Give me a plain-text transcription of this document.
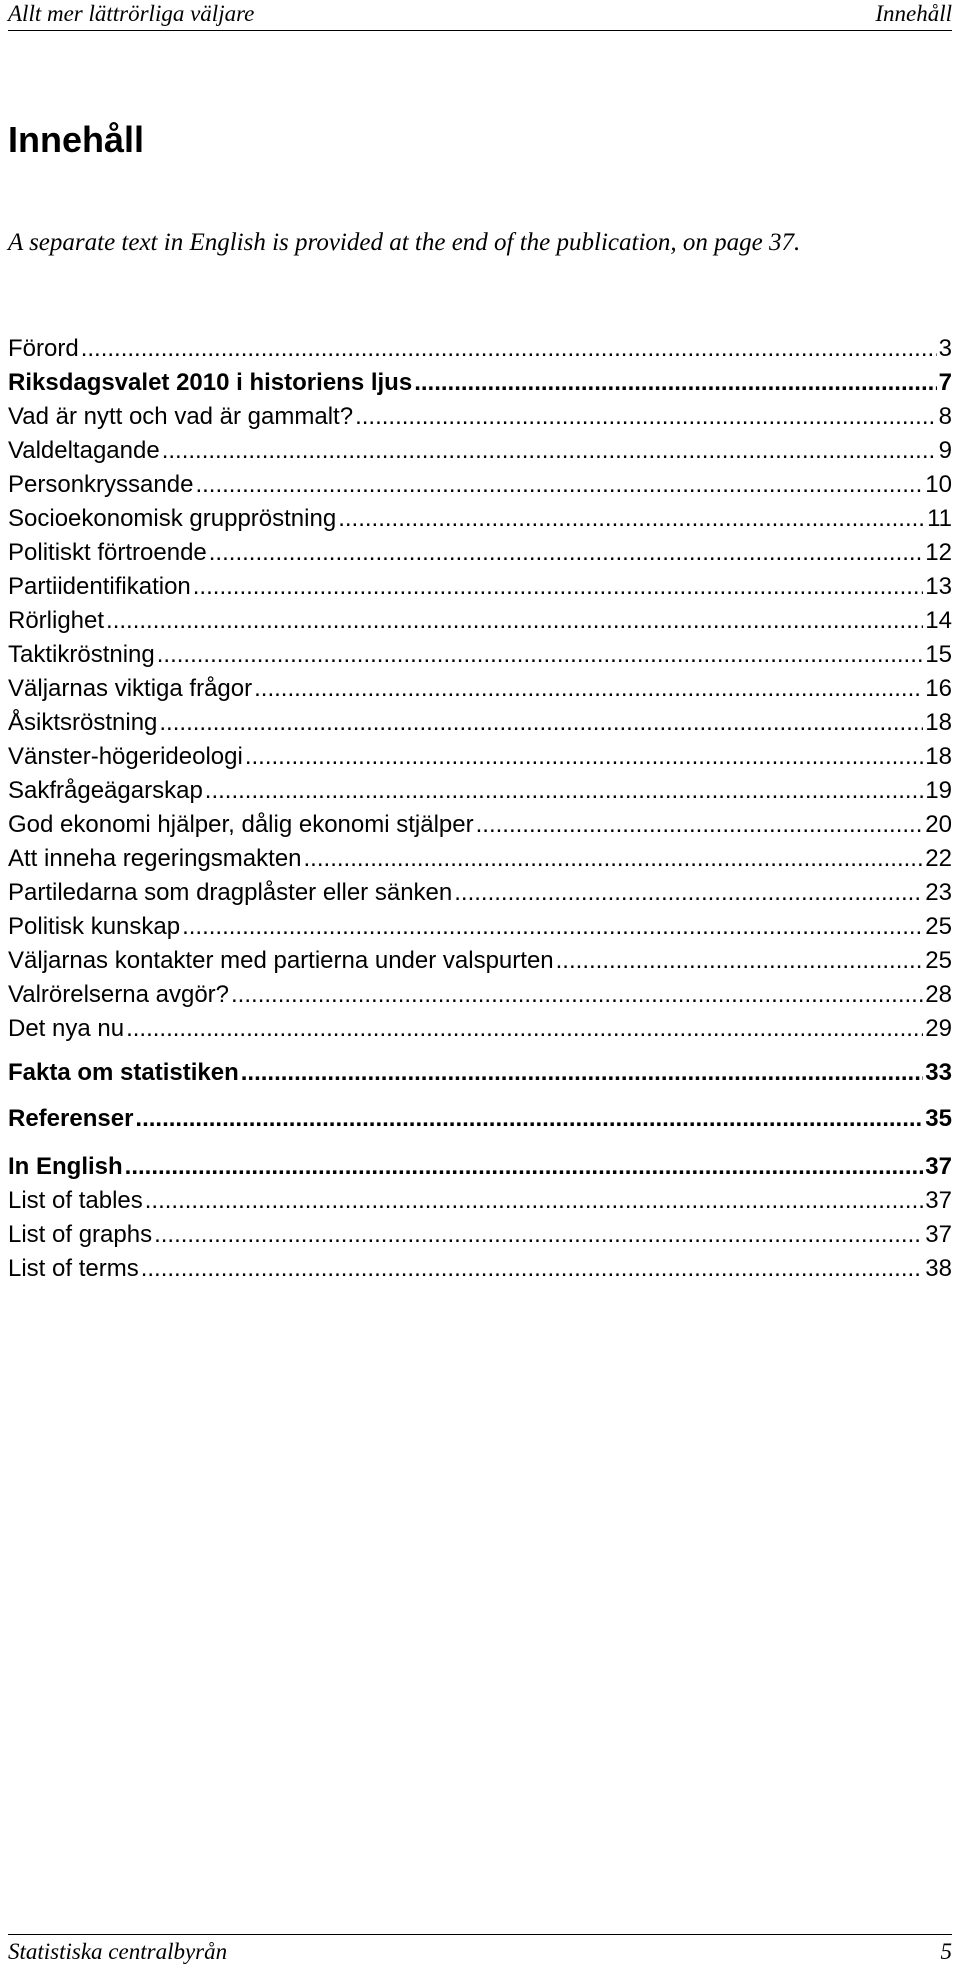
Allt mer lättrörliga väljare	Innehåll
Innehåll

A separate text in English is provided at the end of the publication, on page 37.

Förord .....	3
Riksdagsvalet 2010 i historiens ljus .....	7
Vad är nytt och vad är gammalt? .....	8
Valdeltagande .....	9
Personkryssande .....	10
Socioekonomisk gruppröstning .....	11
Politiskt förtroende .....	12
Partiidentifikation .....	13
Rörlighet .....	14
Taktikröstning .....	15
Väljarnas viktiga frågor .....	16
Åsiktsröstning .....	18
Vänster-högerideologi .....	18
Sakfrågeägarskap .....	19
God ekonomi hjälper, dålig ekonomi stjälper .....	20
Att inneha regeringsmakten .....	22
Partiledarna som dragplåster eller sänken .....	23
Politisk kunskap .....	25
Väljarnas kontakter med partierna under valspurten .....	25
Valrörelserna avgör? .....	28
Det nya nu .....	29
Fakta om statistiken .....	33
Referenser .....	35
In English .....	37
List of tables .....	37
List of graphs .....	37
List of terms .....	38
Statistiska centralbyrån	5
